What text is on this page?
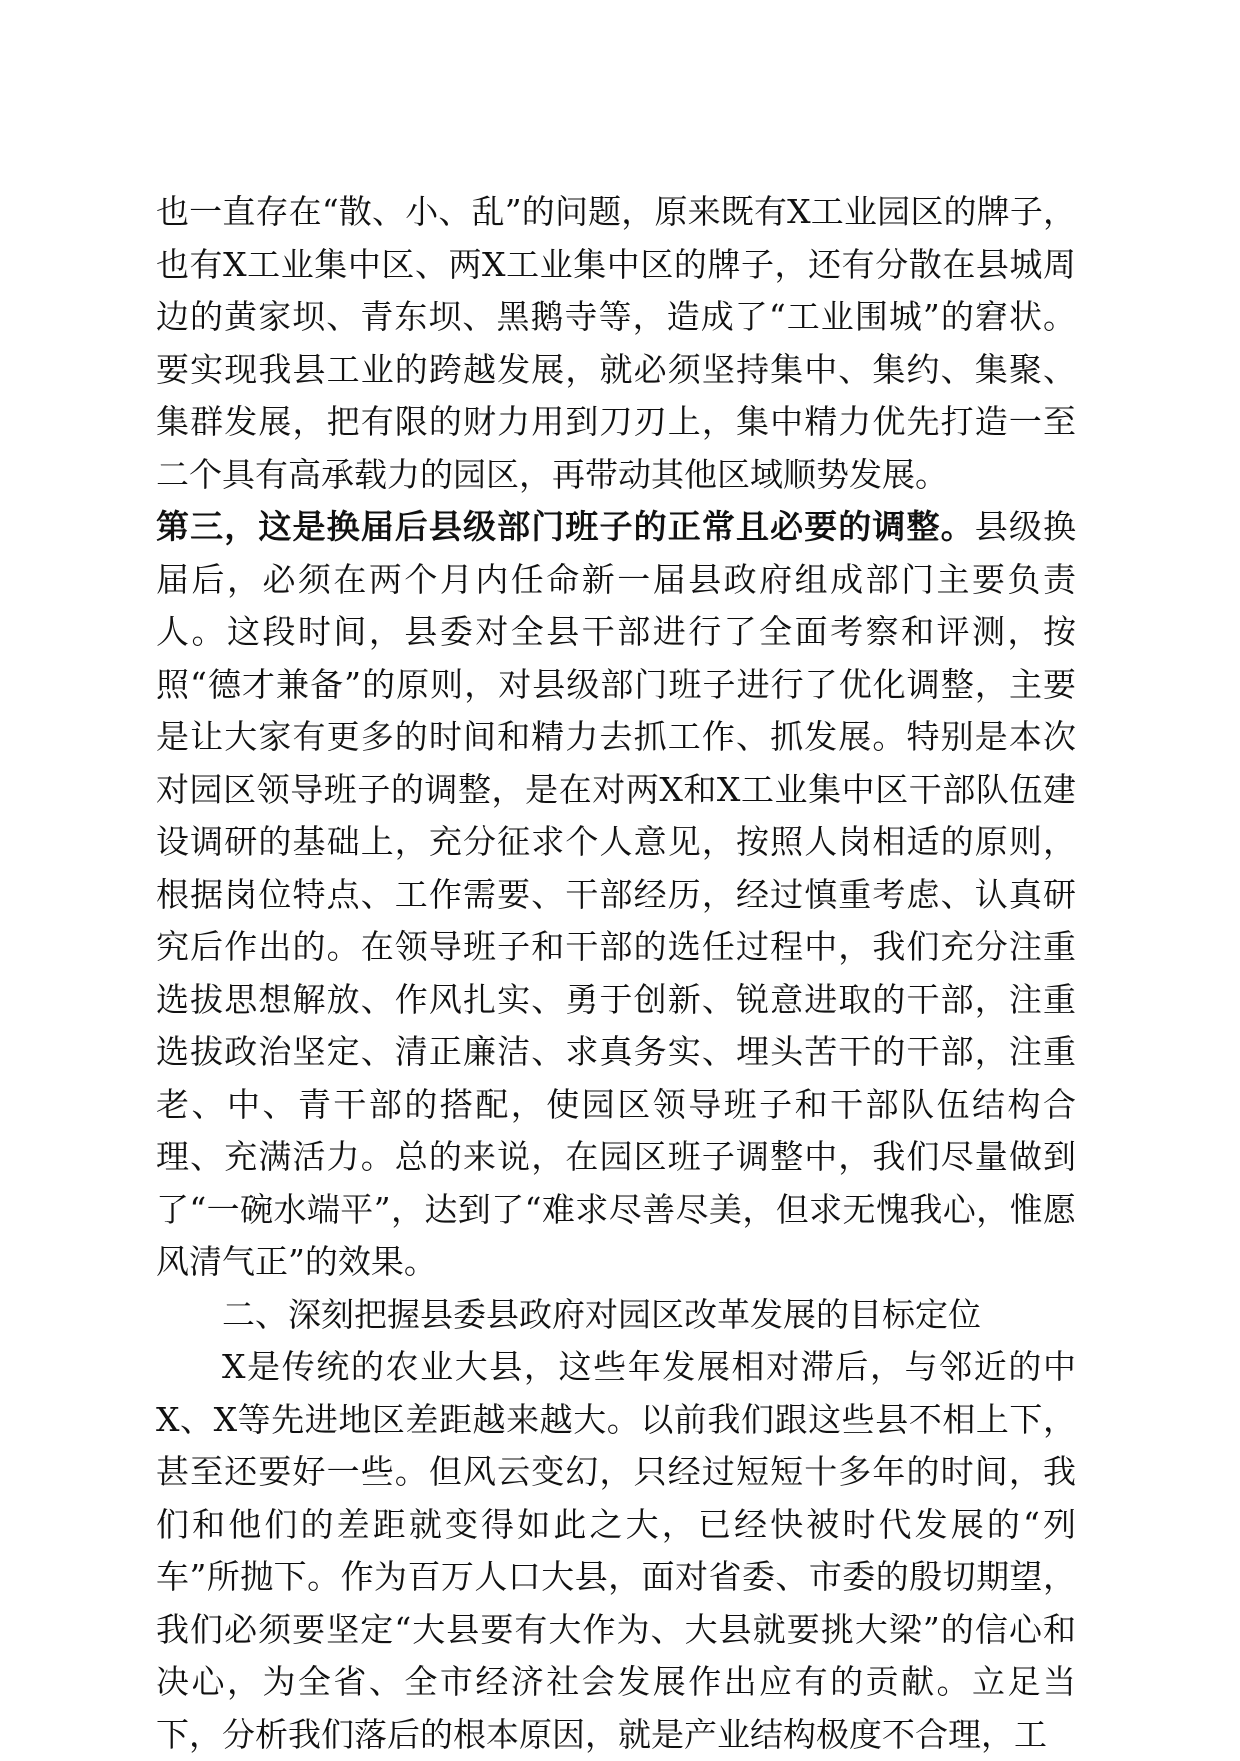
也一直存在“散、小、乱”的问题，原来既有X工业园区的牌子，也有X工业集中区、两X工业集中区的牌子，还有分散在县城周边的黄家坝、青东坝、黑鹅寺等，造成了“工业围城”的窘状。要实现我县工业的跨越发展，就必须坚持集中、集约、集聚、集群发展，把有限的财力用到刀刃上，集中精力优先打造一至二个具有高承载力的园区，再带动其他区域顺势发展。

第三，这是换届后县级部门班子的正常且必要的调整。县级换届后，必须在两个月内任命新一届县政府组成部门主要负责人。这段时间，县委对全县干部进行了全面考察和评测，按照“德才兼备”的原则，对县级部门班子进行了优化调整，主要是让大家有更多的时间和精力去抓工作、抓发展。特别是本次对园区领导班子的调整，是在对两X和X工业集中区干部队伍建设调研的基础上，充分征求个人意见，按照人岗相适的原则，根据岗位特点、工作需要、干部经历，经过慎重考虑、认真研究后作出的。在领导班子和干部的选任过程中，我们充分注重选拔思想解放、作风扎实、勇于创新、锐意进取的干部，注重选拔政治坚定、清正廉洁、求真务实、埋头苦干的干部，注重老、中、青干部的搭配，使园区领导班子和干部队伍结构合理、充满活力。总的来说，在园区班子调整中，我们尽量做到了“一碗水端平”，达到了“难求尽善尽美，但求无愧我心，惟愿风清气正”的效果。

二、深刻把握县委县政府对园区改革发展的目标定位

X是传统的农业大县，这些年发展相对滞后，与邻近的中X、X等先进地区差距越来越大。以前我们跟这些县不相上下，甚至还要好一些。但风云变幻，只经过短短十多年的时间，我们和他们的差距就变得如此之大，已经快被时代发展的“列车”所抛下。作为百万人口大县，面对省委、市委的殷切期望，我们必须要坚定“大县要有大作为、大县就要挑大梁”的信心和决心，为全省、全市经济社会发展作出应有的贡献。立足当下，分析我们落后的根本原因，就是产业结构极度不合理，工
